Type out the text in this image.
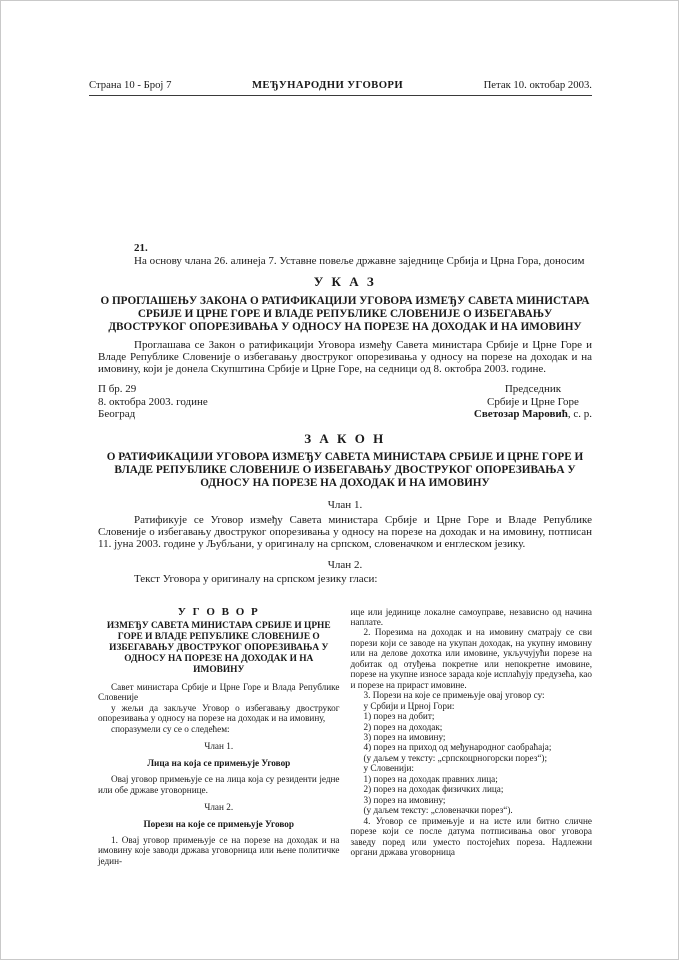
Страна 10 - Број 7	МЕЂУНАРОДНИ УГОВОРИ	Петак 10. октобар 2003.
21.

На основу члана 26. алинеја 7. Уставне повеље државне заједнице Србија и Црна Гора, доносим

У К А З
О ПРОГЛАШЕЊУ ЗАКОНА О РАТИФИКАЦИЈИ УГОВОРА ИЗМЕЂУ САВЕТА МИНИСТАРА СРБИЈЕ И ЦРНЕ ГОРЕ И ВЛАДЕ РЕПУБЛИКЕ СЛОВЕНИЈЕ О ИЗБЕГАВАЊУ ДВОСТРУКОГ ОПОРЕЗИВАЊА У ОДНОСУ НА ПОРЕЗЕ НА ДОХОДАК И НА ИМОВИНУ

Проглашава се Закон о ратификацији Уговора између Савета министара Србије и Црне Горе и Владе Републике Словеније о избегавању двоструког опорезивања у односу на порезе на доходак и на имовину, који је донела Скупштина Србије и Црне Горе, на седници од 8. октобра 2003. године.

П бр. 29
8. октобра 2003. године
Београд
Председник
Србије и Црне Горе
Светозар Маровић, с. р.
З А К О Н
О РАТИФИКАЦИЈИ УГОВОРА ИЗМЕЂУ САВЕТА МИНИСТАРА СРБИЈЕ И ЦРНЕ ГОРЕ И ВЛАДЕ РЕПУБЛИКЕ СЛОВЕНИЈЕ О ИЗБЕГАВАЊУ ДВОСТРУКОГ ОПОРЕЗИВАЊА У ОДНОСУ НА ПОРЕЗЕ НА ДОХОДАК И НА ИМОВИНУ
Члан 1.

Ратификује се Уговор између Савета министара Србије и Црне Горе и Владе Републике Словеније о избегавању двоструког опорезивања у односу на порезе на доходак и на имовину, потписан 11. јуна 2003. године у Љубљани, у оригиналу на српском, словеначком и енглеском језику.

Члан 2.

Текст Уговора у оригиналу на српском језику гласи:

У Г О В О Р
ИЗМЕЂУ САВЕТА МИНИСТАРА СРБИЈЕ И ЦРНЕ ГОРЕ И ВЛАДЕ РЕПУБЛИКЕ СЛОВЕНИЈЕ О ИЗБЕГАВАЊУ ДВОСТРУКОГ ОПОРЕЗИВАЊА У ОДНОСУ НА ПОРЕЗЕ НА ДОХОДАК И НА ИМОВИНУ

Савет министара Србије и Црне Горе и Влада Републике Словеније

у жељи да закључе Уговор о избегавању двоструког опорезивања у односу на порезе на доходак и на имовину,

споразумели су се о следећем:

Члан 1.
Лица на која се примењује Уговор

Овај уговор примењује се на лица која су резиденти једне или обе државе уговорнице.

Члан 2.
Порези на које се примењује Уговор

1. Овај уговор примењује се на порезе на доходак и на имовину које заводи држава уговорница или њене политичке једин-

ице или јединице локалне самоуправе, независно од начина наплате.

2. Порезима на доходак и на имовину сматрају се сви порези који се заводе на укупан доходак, на укупну имовину или на делове дохотка или имовине, укључујући порезе на добитак од отуђења покретне или непокретне имовине, порезе на укупне износе зарада које исплаћују предузећа, као и порезе на прираст имовине.

3. Порези на које се примењује овај уговор су:

у Србији и Црној Гори:
1) порез на добит;
2) порез на доходак;
3) порез на имовину;
4) порез на приход од међународног саобраћаја;
(у даљем у тексту: „српскоцрногорски порез“);
у Словенији:
1) порез на доходак правних лица;
2) порез на доходак физичких лица;
3) порез на имовину;
(у даљем тексту: „словеначки порез“).

4. Уговор се примењује и на исте или битно сличне порезе који се после датума потписивања овог уговора заведу поред или уместо постојећих пореза. Надлежни органи држава уговорница
